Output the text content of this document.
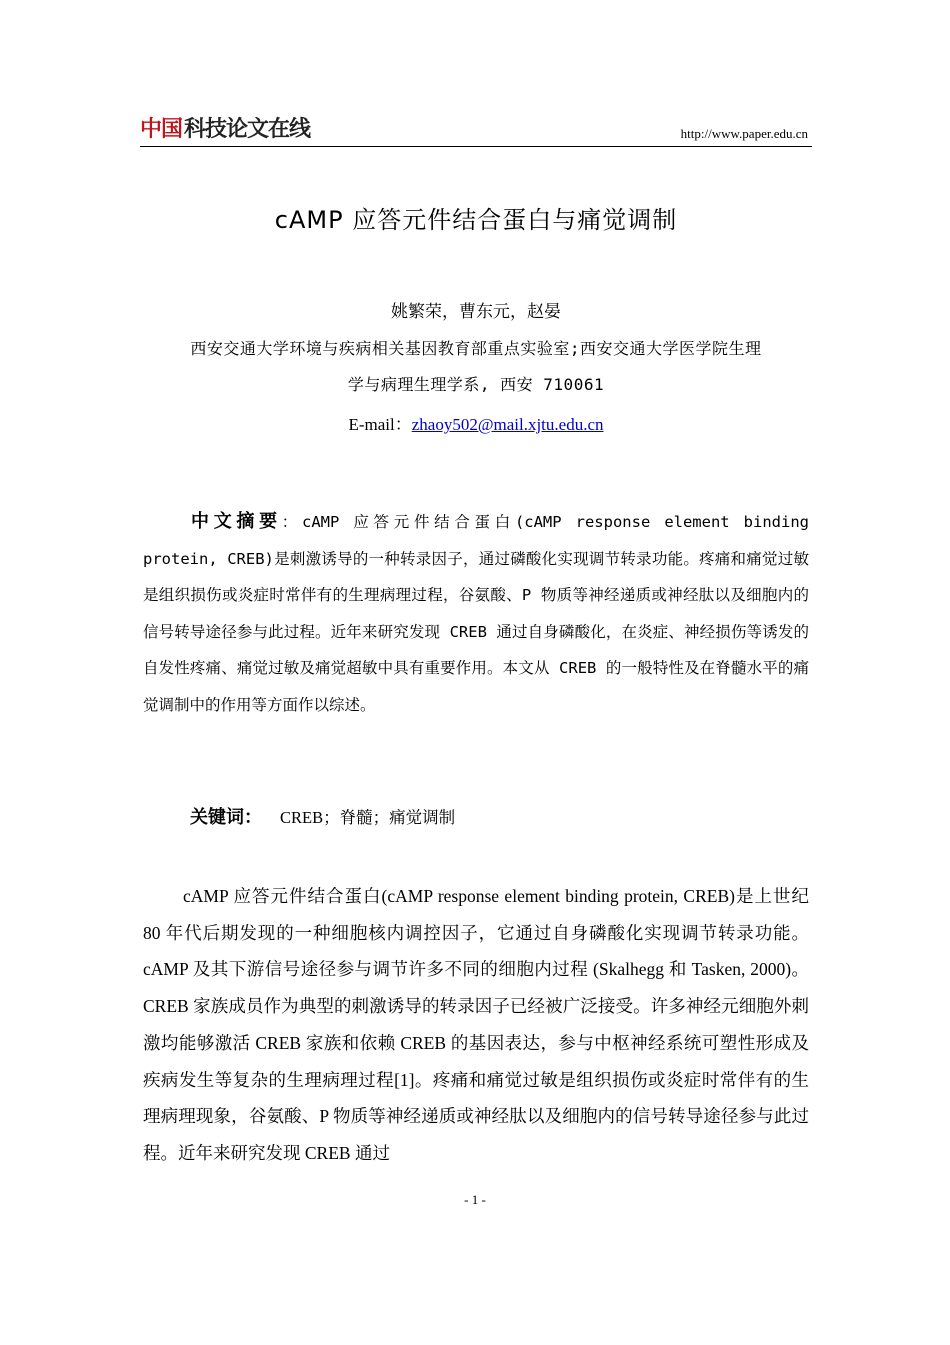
中国 科技论文在线	http://www.paper.edu.cn
cAMP 应答元件结合蛋白与痛觉调制
姚繁荣，曹东元，赵晏
西安交通大学环境与疾病相关基因教育部重点实验室;西安交通大学医学院生理
学与病理生理学系, 西安 710061
E-mail：zhaoy502@mail.xjtu.edu.cn
中文摘要：cAMP 应答元件结合蛋白(cAMP response element binding protein, CREB)是刺激诱导的一种转录因子，通过磷酸化实现调节转录功能。疼痛和痛觉过敏是组织损伤或炎症时常伴有的生理病理过程，谷氨酸、P 物质等神经递质或神经肽以及细胞内的信号转导途径参与此过程。近年来研究发现 CREB 通过自身磷酸化，在炎症、神经损伤等诱发的自发性疼痛、痛觉过敏及痛觉超敏中具有重要作用。本文从 CREB 的一般特性及在脊髓水平的痛觉调制中的作用等方面作以综述。
关键词： CREB；脊髓；痛觉调制
cAMP 应答元件结合蛋白(cAMP response element binding protein, CREB)是上世纪 80 年代后期发现的一种细胞核内调控因子，它通过自身磷酸化实现调节转录功能。cAMP 及其下游信号途径参与调节许多不同的细胞内过程 (Skalhegg 和 Tasken, 2000)。CREB 家族成员作为典型的刺激诱导的转录因子已经被广泛接受。许多神经元细胞外刺激均能够激活 CREB 家族和依赖 CREB 的基因表达，参与中枢神经系统可塑性形成及疾病发生等复杂的生理病理过程[1]。疼痛和痛觉过敏是组织损伤或炎症时常伴有的生理病理现象，谷氨酸、P 物质等神经递质或神经肽以及细胞内的信号转导途径参与此过程。近年来研究发现 CREB 通过
- 1 -
